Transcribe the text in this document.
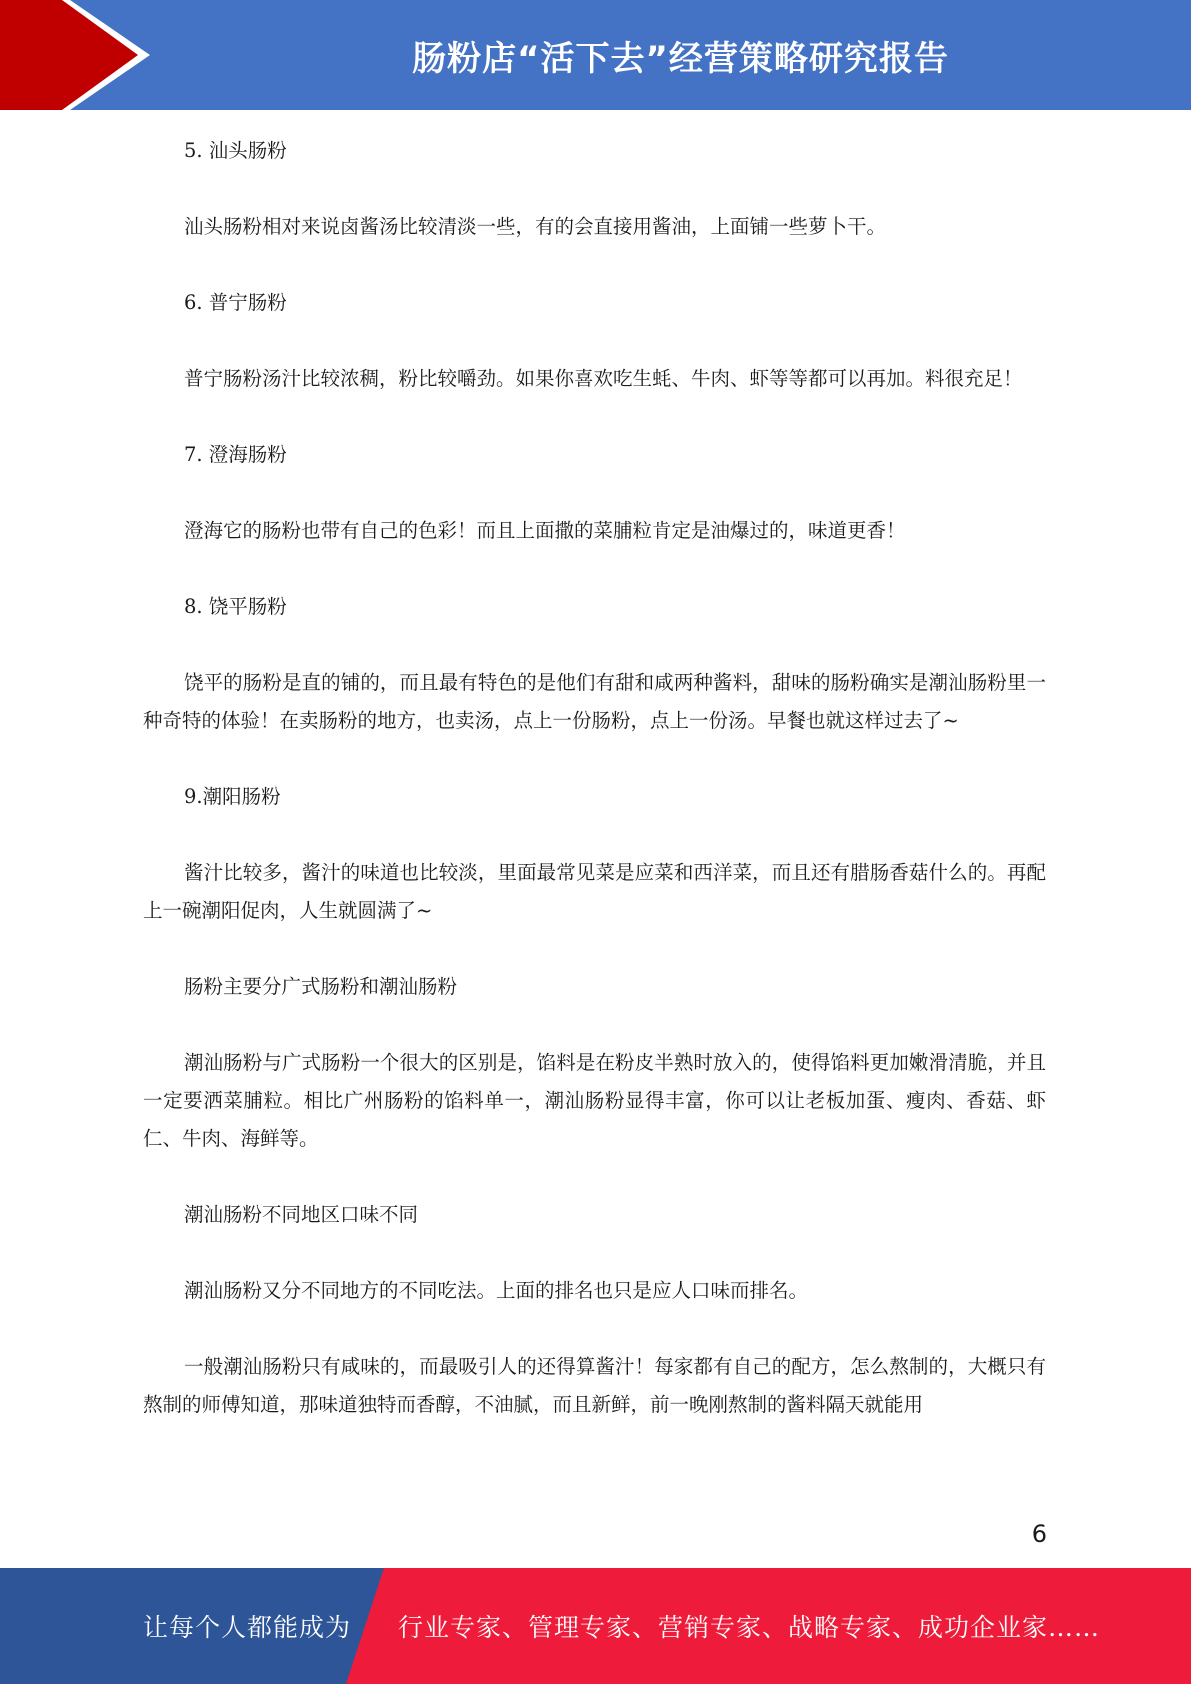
肠粉店“活下去”经营策略研究报告

5. 汕头肠粉

汕头肠粉相对来说卤酱汤比较清淡一些，有的会直接用酱油，上面铺一些萝卜干。

6. 普宁肠粉

普宁肠粉汤汁比较浓稠，粉比较嚼劲。如果你喜欢吃生蚝、牛肉、虾等等都可以再加。料很充足！

7. 澄海肠粉

澄海它的肠粉也带有自己的色彩！而且上面撒的菜脯粒肯定是油爆过的，味道更香！

8. 饶平肠粉

饶平的肠粉是直的铺的，而且最有特色的是他们有甜和咸两种酱料，甜味的肠粉确实是潮汕肠粉里一种奇特的体验！在卖肠粉的地方，也卖汤，点上一份肠粉，点上一份汤。早餐也就这样过去了~

9.潮阳肠粉

酱汁比较多，酱汁的味道也比较淡，里面最常见菜是应菜和西洋菜，而且还有腊肠香菇什么的。再配上一碗潮阳促肉，人生就圆满了~

肠粉主要分广式肠粉和潮汕肠粉

潮汕肠粉与广式肠粉一个很大的区别是，馅料是在粉皮半熟时放入的，使得馅料更加嫩滑清脆，并且一定要洒菜脯粒。相比广州肠粉的馅料单一，潮汕肠粉显得丰富，你可以让老板加蛋、瘦肉、香菇、虾仁、牛肉、海鲜等。

潮汕肠粉不同地区口味不同

潮汕肠粉又分不同地方的不同吃法。上面的排名也只是应人口味而排名。

一般潮汕肠粉只有咸味的，而最吸引人的还得算酱汁！每家都有自己的配方，怎么熬制的，大概只有熬制的师傅知道，那味道独特而香醇，不油腻，而且新鲜，前一晚刚熬制的酱料隔天就能用

6
让每个人都能成为 行业专家、管理专家、营销专家、战略专家、成功企业家……
